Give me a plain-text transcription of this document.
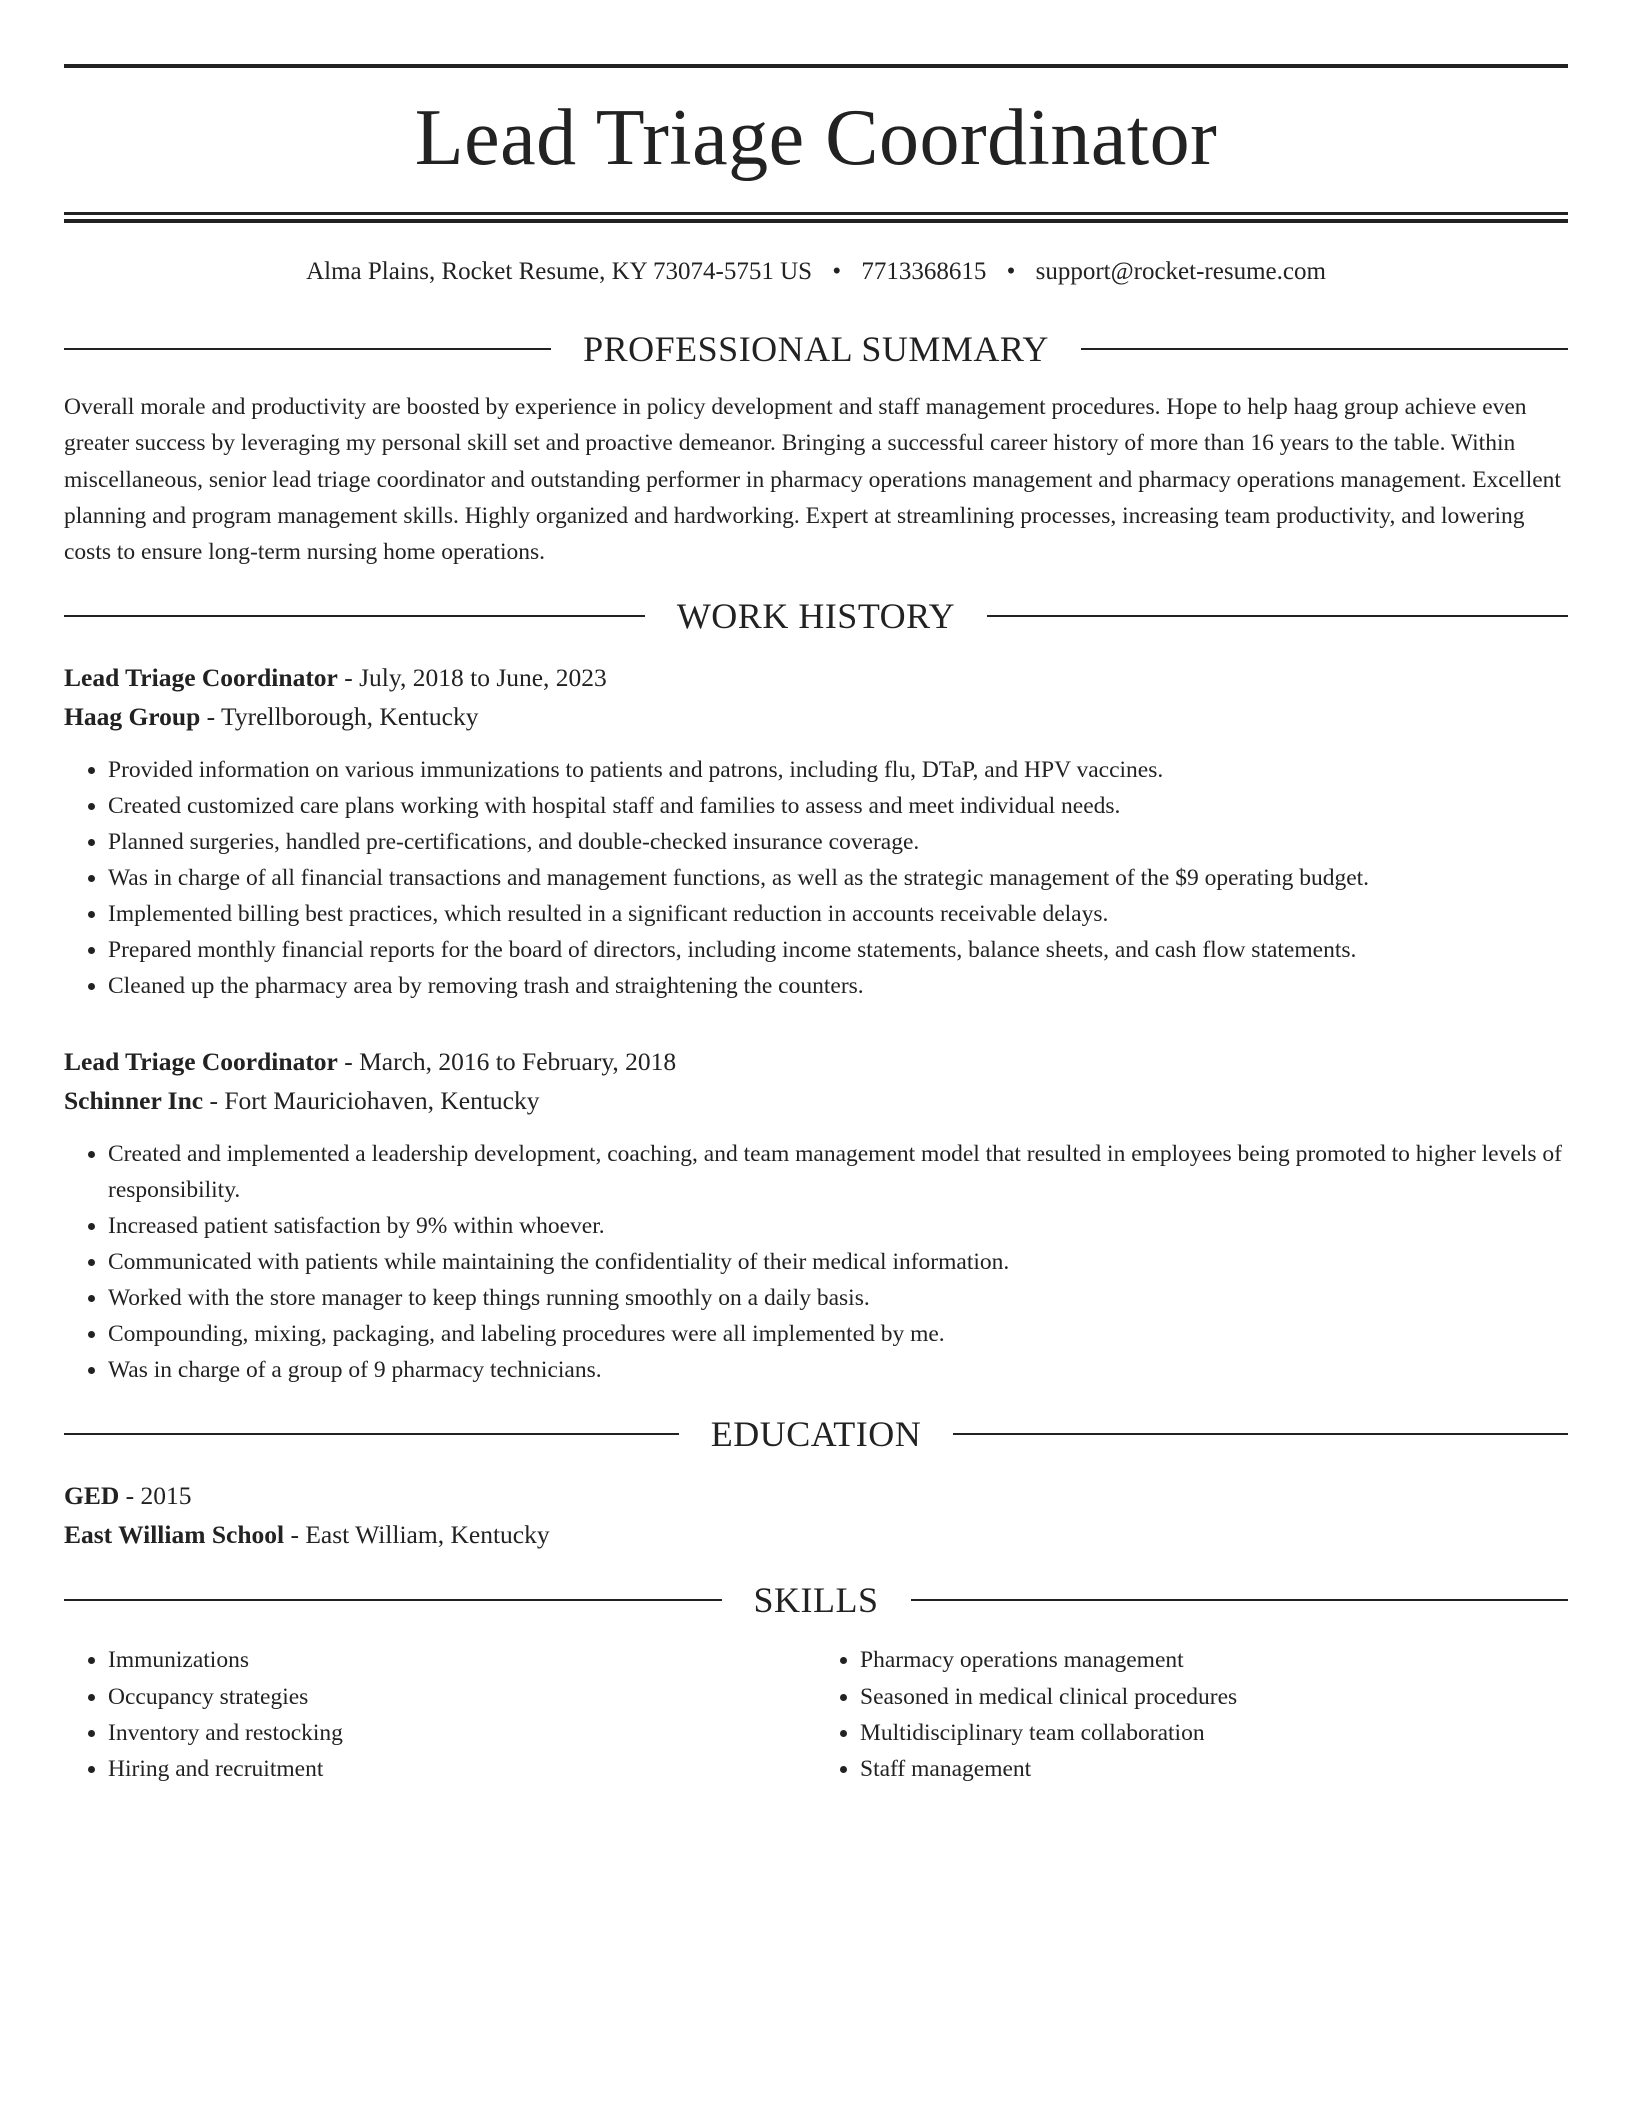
Lead Triage Coordinator
Alma Plains, Rocket Resume, KY 73074-5751 US • 7713368615 • support@rocket-resume.com
PROFESSIONAL SUMMARY

Overall morale and productivity are boosted by experience in policy development and staff management procedures. Hope to help haag group achieve even greater success by leveraging my personal skill set and proactive demeanor. Bringing a successful career history of more than 16 years to the table. Within miscellaneous, senior lead triage coordinator and outstanding performer in pharmacy operations management and pharmacy operations management. Excellent planning and program management skills. Highly organized and hardworking. Expert at streamlining processes, increasing team productivity, and lowering costs to ensure long-term nursing home operations.

WORK HISTORY
Lead Triage Coordinator - July, 2018 to June, 2023
Haag Group - Tyrellborough, Kentucky
• Provided information on various immunizations to patients and patrons, including flu, DTaP, and HPV vaccines.
• Created customized care plans working with hospital staff and families to assess and meet individual needs.
• Planned surgeries, handled pre-certifications, and double-checked insurance coverage.
• Was in charge of all financial transactions and management functions, as well as the strategic management of the $9 operating budget.
• Implemented billing best practices, which resulted in a significant reduction in accounts receivable delays.
• Prepared monthly financial reports for the board of directors, including income statements, balance sheets, and cash flow statements.
• Cleaned up the pharmacy area by removing trash and straightening the counters.
Lead Triage Coordinator - March, 2016 to February, 2018
Schinner Inc - Fort Mauriciohaven, Kentucky
• Created and implemented a leadership development, coaching, and team management model that resulted in employees being promoted to higher levels of responsibility.
• Increased patient satisfaction by 9% within whoever.
• Communicated with patients while maintaining the confidentiality of their medical information.
• Worked with the store manager to keep things running smoothly on a daily basis.
• Compounding, mixing, packaging, and labeling procedures were all implemented by me.
• Was in charge of a group of 9 pharmacy technicians.
EDUCATION
GED - 2015
East William School - East William, Kentucky
SKILLS
• Immunizations
• Occupancy strategies
• Inventory and restocking
• Hiring and recruitment
• Pharmacy operations management
• Seasoned in medical clinical procedures
• Multidisciplinary team collaboration
• Staff management
